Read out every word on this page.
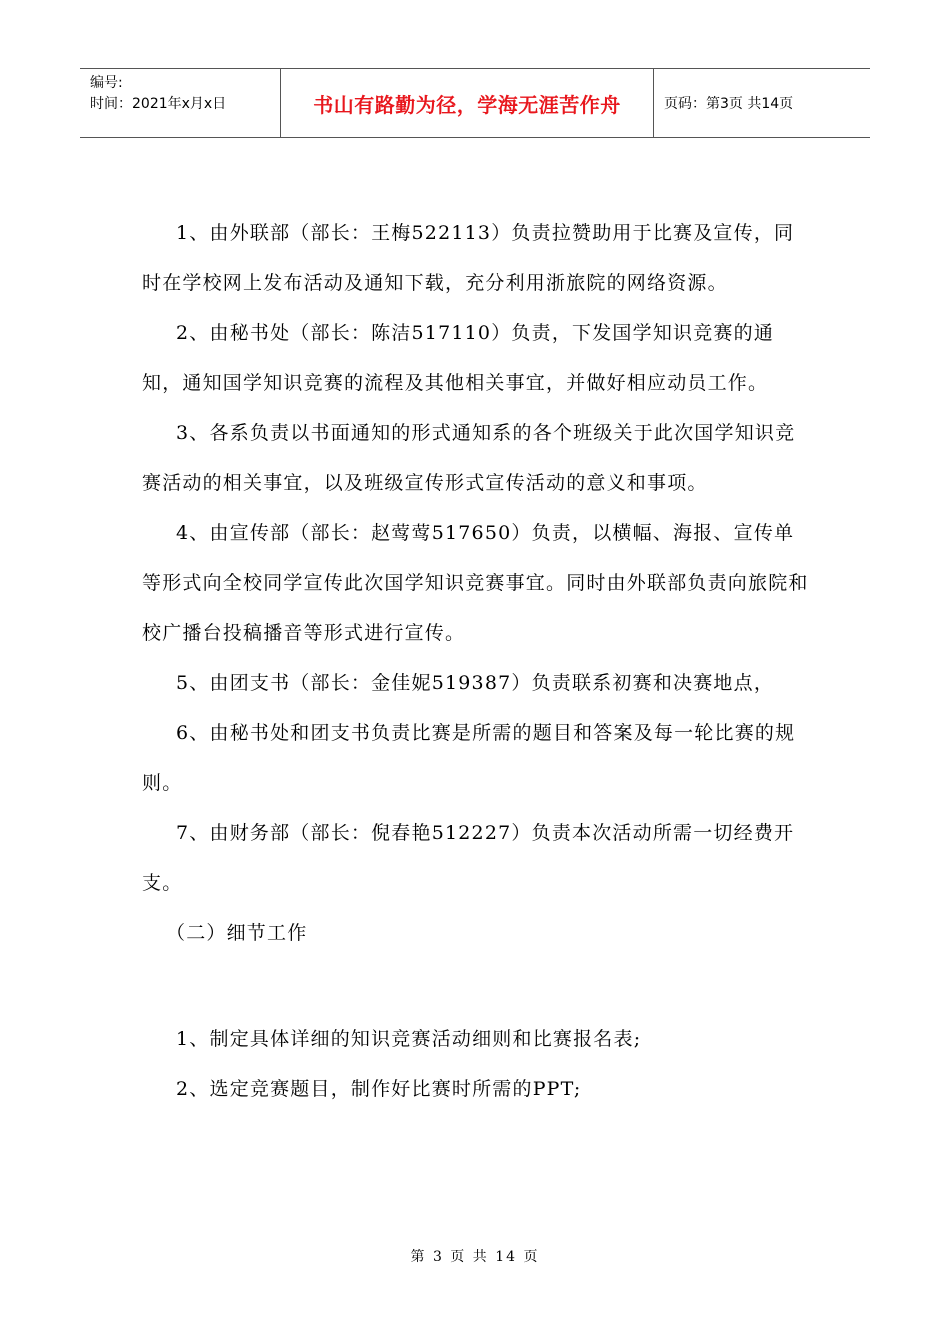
编号:
时间：2021年x月x日	书山有路勤为径，学海无涯苦作舟	页码：第3页 共14页

1、由外联部（部长：王梅522113）负责拉赞助用于比赛及宣传，同时在学校网上发布活动及通知下载，充分利用浙旅院的网络资源。

2、由秘书处（部长：陈洁517110）负责，下发国学知识竞赛的通知，通知国学知识竞赛的流程及其他相关事宜，并做好相应动员工作。

3、各系负责以书面通知的形式通知系的各个班级关于此次国学知识竞赛活动的相关事宜，以及班级宣传形式宣传活动的意义和事项。

4、由宣传部（部长：赵莺莺517650）负责，以横幅、海报、宣传单等形式向全校同学宣传此次国学知识竞赛事宜。同时由外联部负责向旅院和校广播台投稿播音等形式进行宣传。

5、由团支书（部长：金佳妮519387）负责联系初赛和决赛地点，

6、由秘书处和团支书负责比赛是所需的题目和答案及每一轮比赛的规则。

7、由财务部（部长：倪春艳512227）负责本次活动所需一切经费开支。

（二）细节工作

1、制定具体详细的知识竞赛活动细则和比赛报名表;

2、选定竞赛题目，制作好比赛时所需的PPT;

第 3 页 共 14 页
